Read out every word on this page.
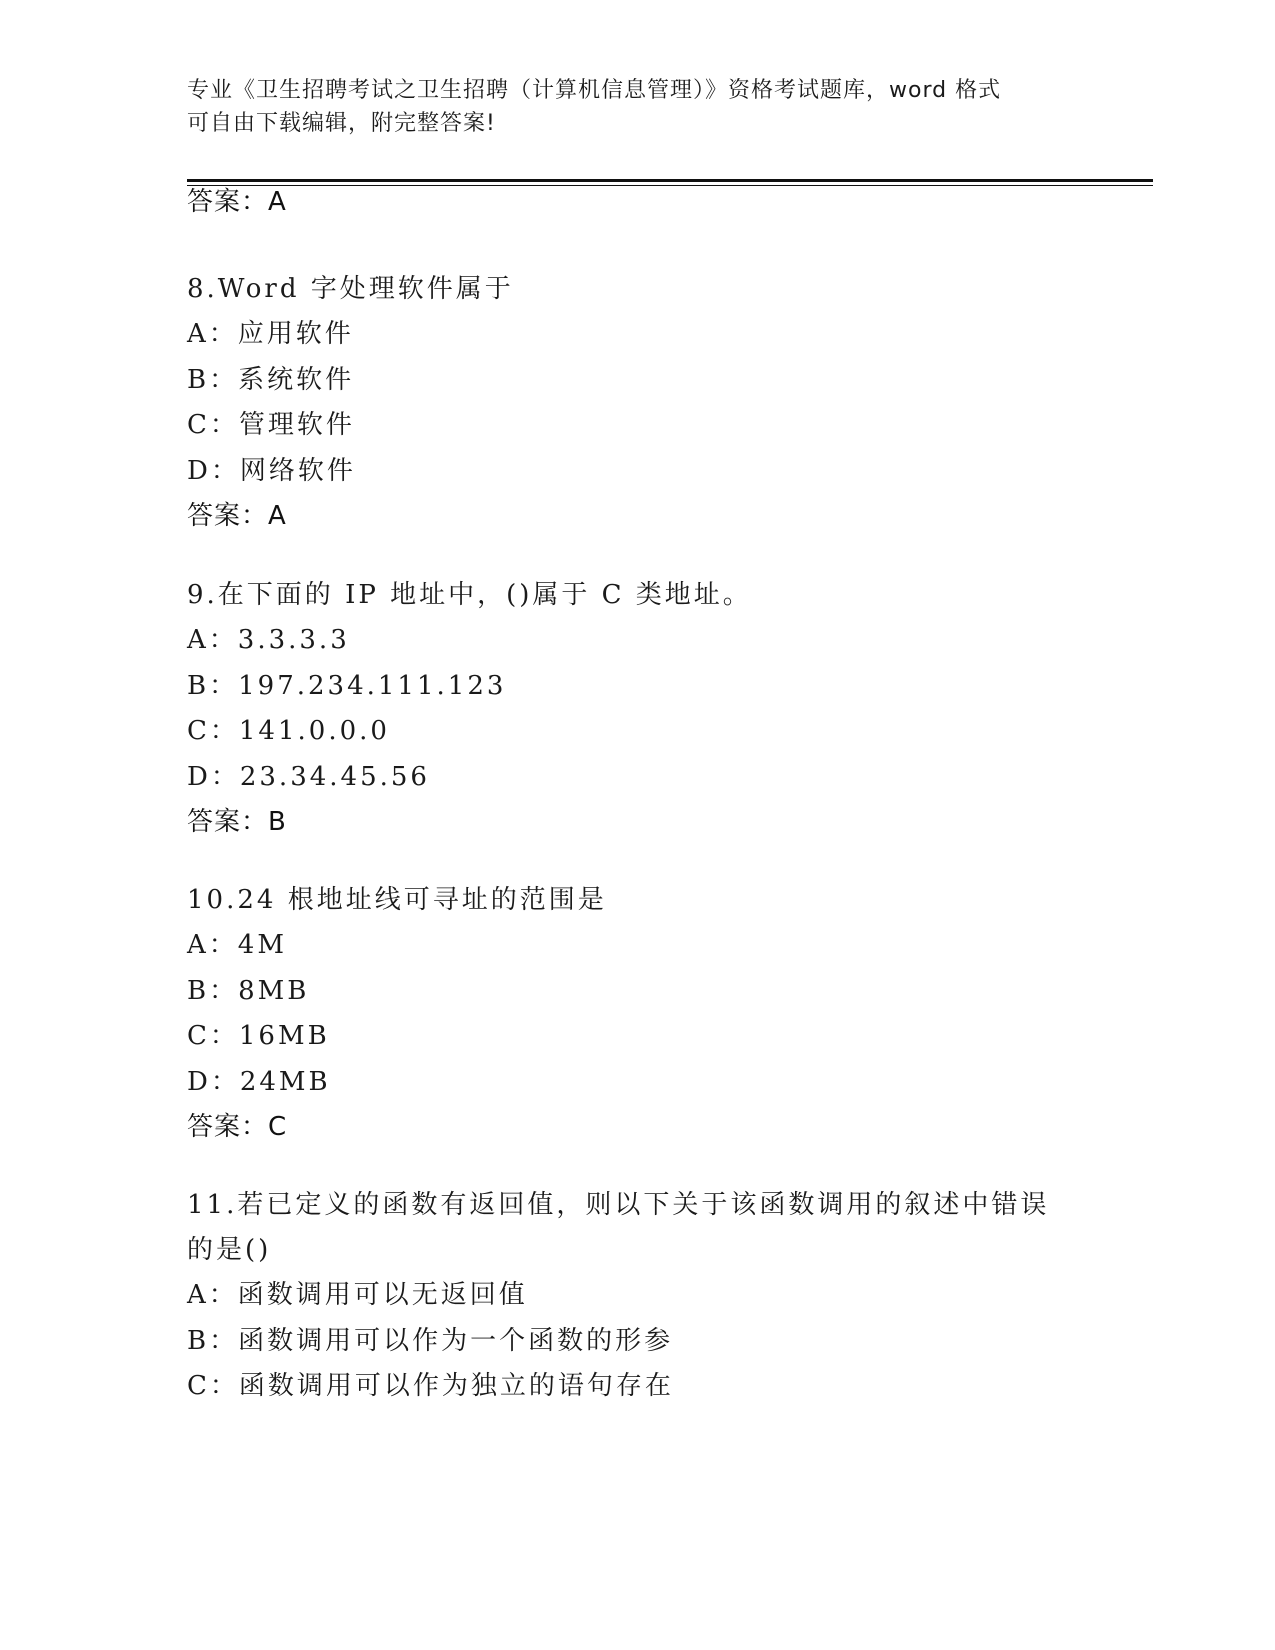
专业《卫生招聘考试之卫生招聘（计算机信息管理）》资格考试题库，word 格式
可自由下载编辑，附完整答案!
答案：A
8.Word 字处理软件属于
A：应用软件
B：系统软件
C：管理软件
D：网络软件
答案：A
9.在下面的 IP 地址中，()属于 C 类地址。
A：3.3.3.3
B：197.234.111.123
C：141.0.0.0
D：23.34.45.56
答案：B
10.24 根地址线可寻址的范围是
A：4M
B：8MB
C：16MB
D：24MB
答案：C
11.若已定义的函数有返回值，则以下关于该函数调用的叙述中错误的是()
A：函数调用可以无返回值
B：函数调用可以作为一个函数的形参
C：函数调用可以作为独立的语句存在
